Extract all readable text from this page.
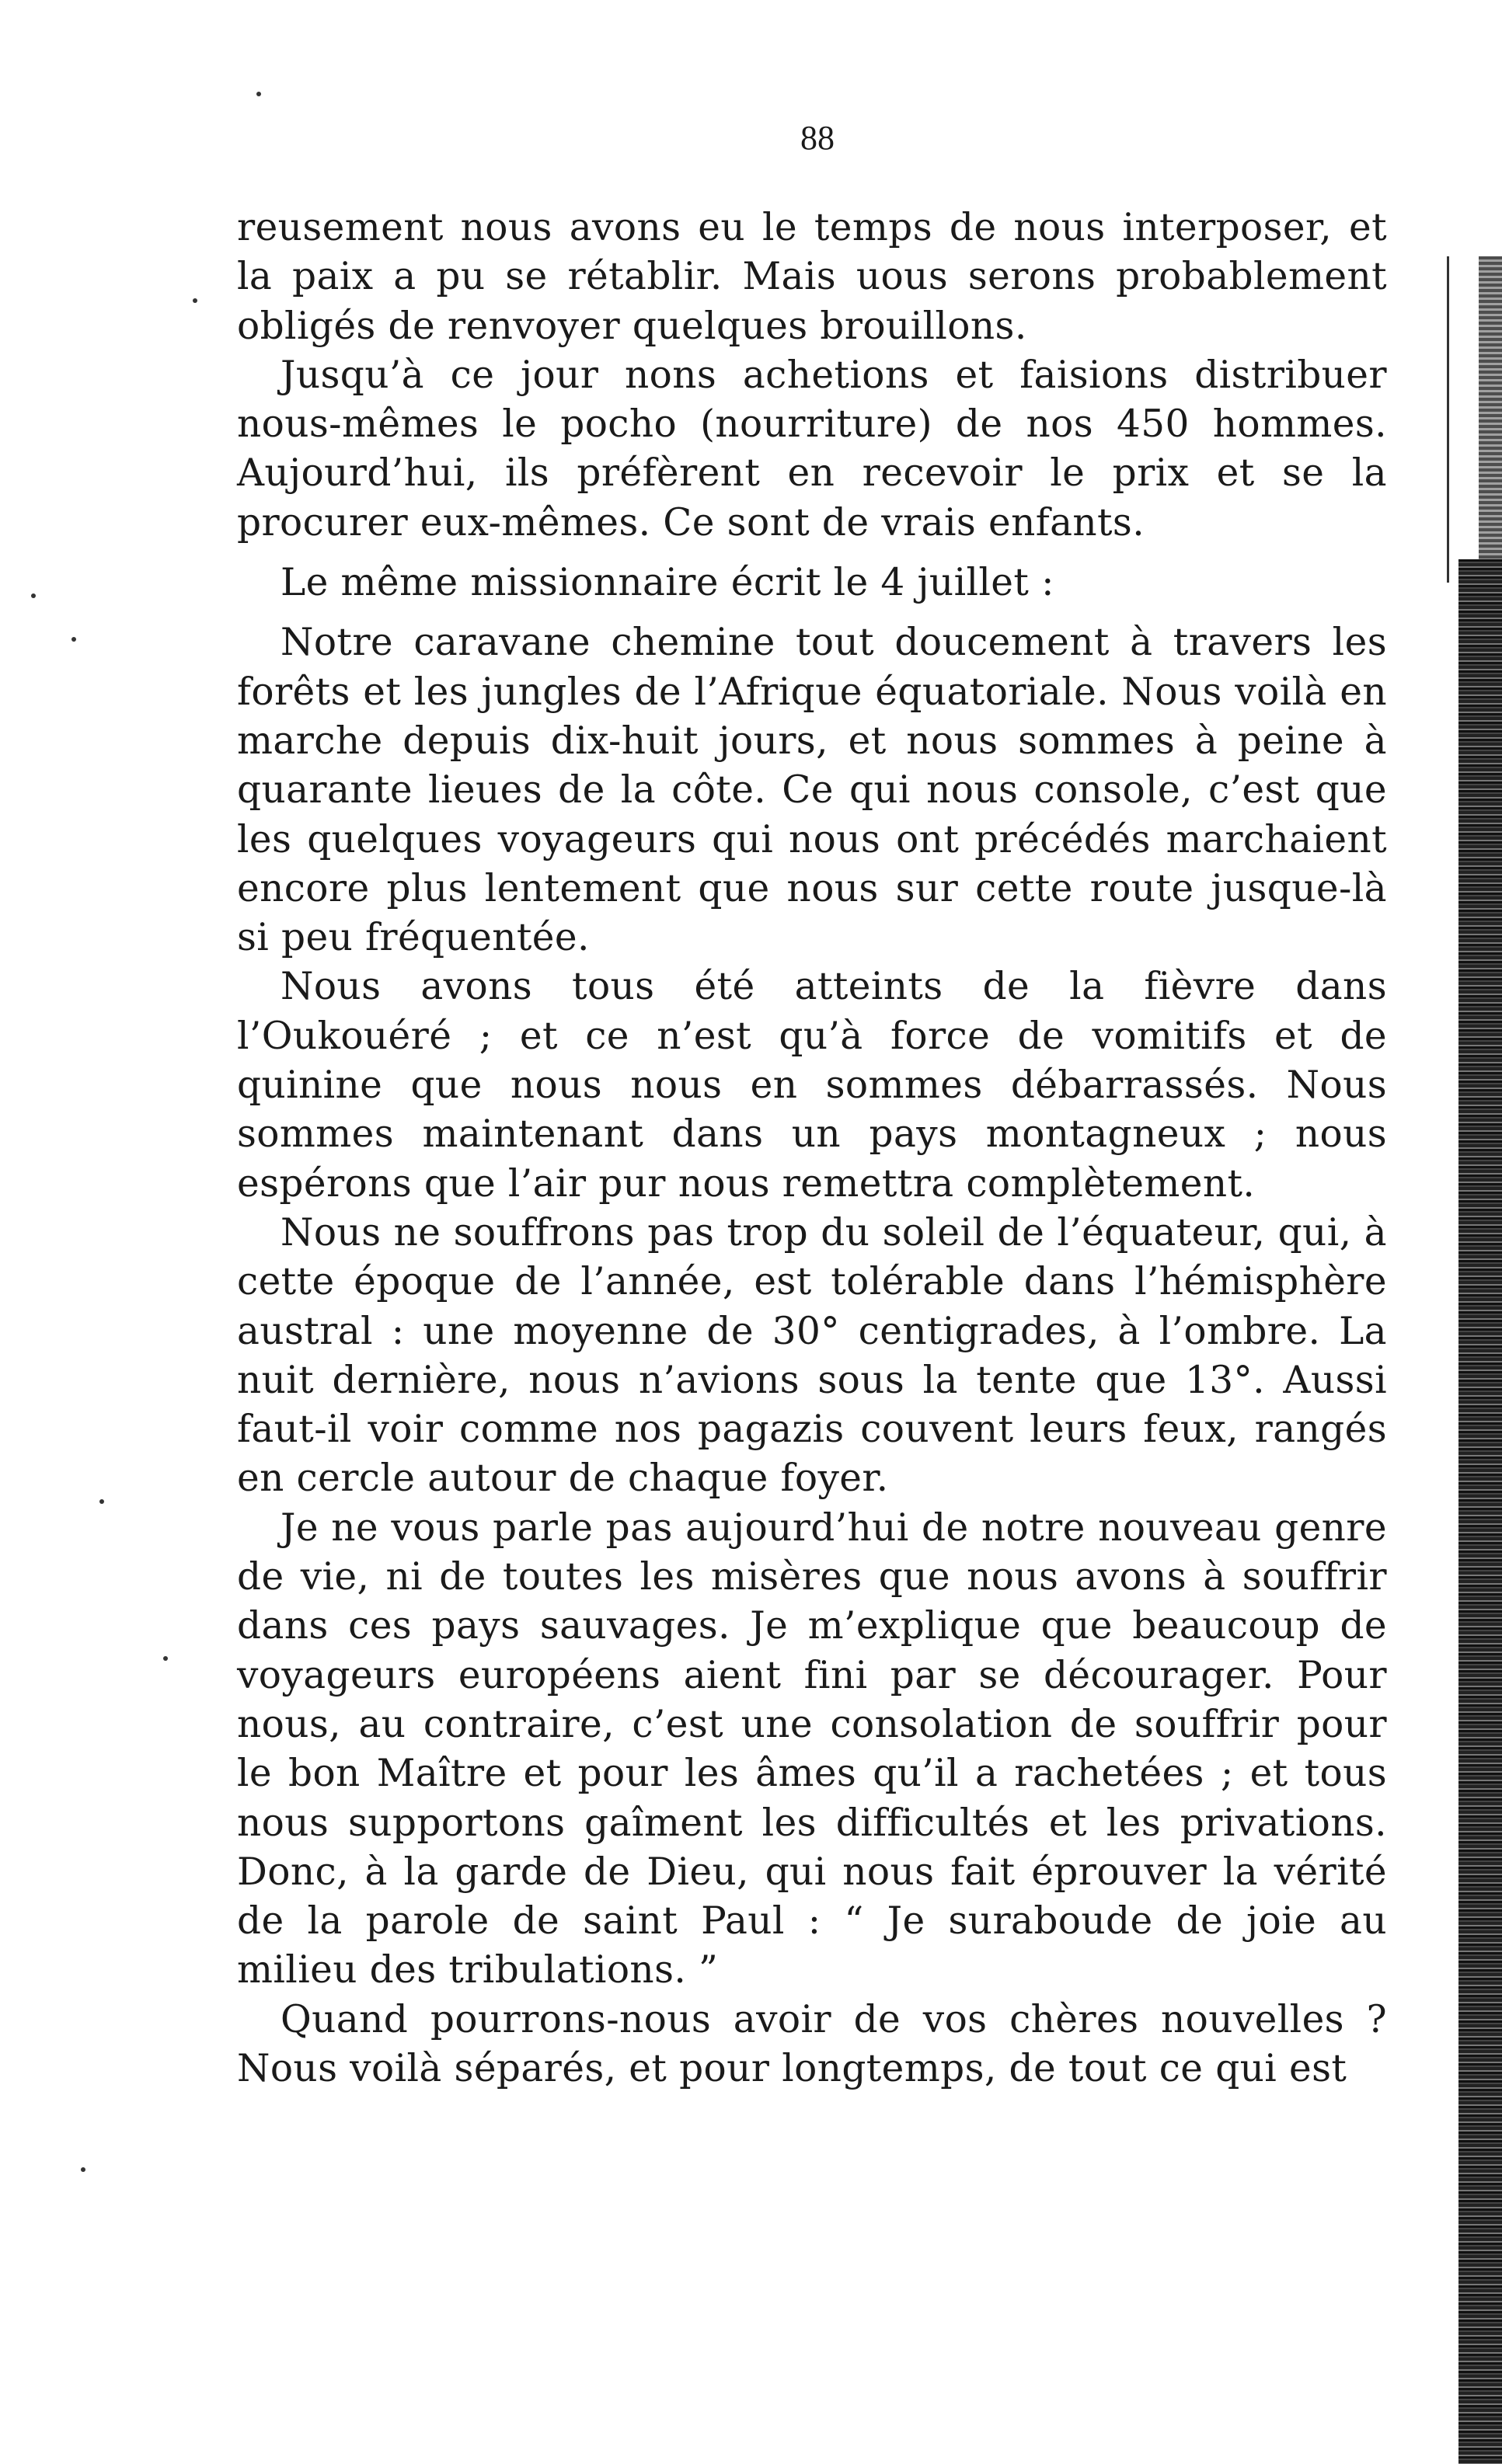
88

reusement nous avons eu le temps de nous interposer, et la paix a pu se rétablir. Mais uous serons probablement obligés de renvoyer quelques brouillons.

Jusqu’à ce jour nons achetions et faisions distribuer nous-mêmes le pocho (nourriture) de nos 450 hommes. Aujourd’hui, ils préfèrent en recevoir le prix et se la procurer eux-mêmes. Ce sont de vrais enfants.

Le même missionnaire écrit le 4 juillet :

Notre caravane chemine tout doucement à travers les forêts et les jungles de l’Afrique équatoriale. Nous voilà en marche depuis dix-huit jours, et nous sommes à peine à quarante lieues de la côte. Ce qui nous console, c’est que les quelques voyageurs qui nous ont précédés marchaient encore plus lentement que nous sur cette route jusque-là si peu fréquentée.

Nous avons tous été atteints de la fièvre dans l’Oukouéré ; et ce n’est qu’à force de vomitifs et de quinine que nous nous en sommes débarrassés. Nous sommes maintenant dans un pays montagneux ; nous espérons que l’air pur nous remettra complètement.

Nous ne souffrons pas trop du soleil de l’équateur, qui, à cette époque de l’année, est tolérable dans l’hémisphère austral : une moyenne de 30° centigrades, à l’ombre. La nuit dernière, nous n’avions sous la tente que 13°. Aussi faut-il voir comme nos pagazis couvent leurs feux, rangés en cercle autour de chaque foyer.

Je ne vous parle pas aujourd’hui de notre nouveau genre de vie, ni de toutes les misères que nous avons à souffrir dans ces pays sauvages. Je m’explique que beaucoup de voyageurs européens aient fini par se décourager. Pour nous, au contraire, c’est une consolation de souffrir pour le bon Maître et pour les âmes qu’il a rachetées ; et tous nous supportons gaîment les difficultés et les privations. Donc, à la garde de Dieu, qui nous fait éprouver la vérité de la parole de saint Paul : “ Je suraboude de joie au milieu des tribulations. ”

Quand pourrons-nous avoir de vos chères nouvelles ? Nous voilà séparés, et pour longtemps, de tout ce qui est
